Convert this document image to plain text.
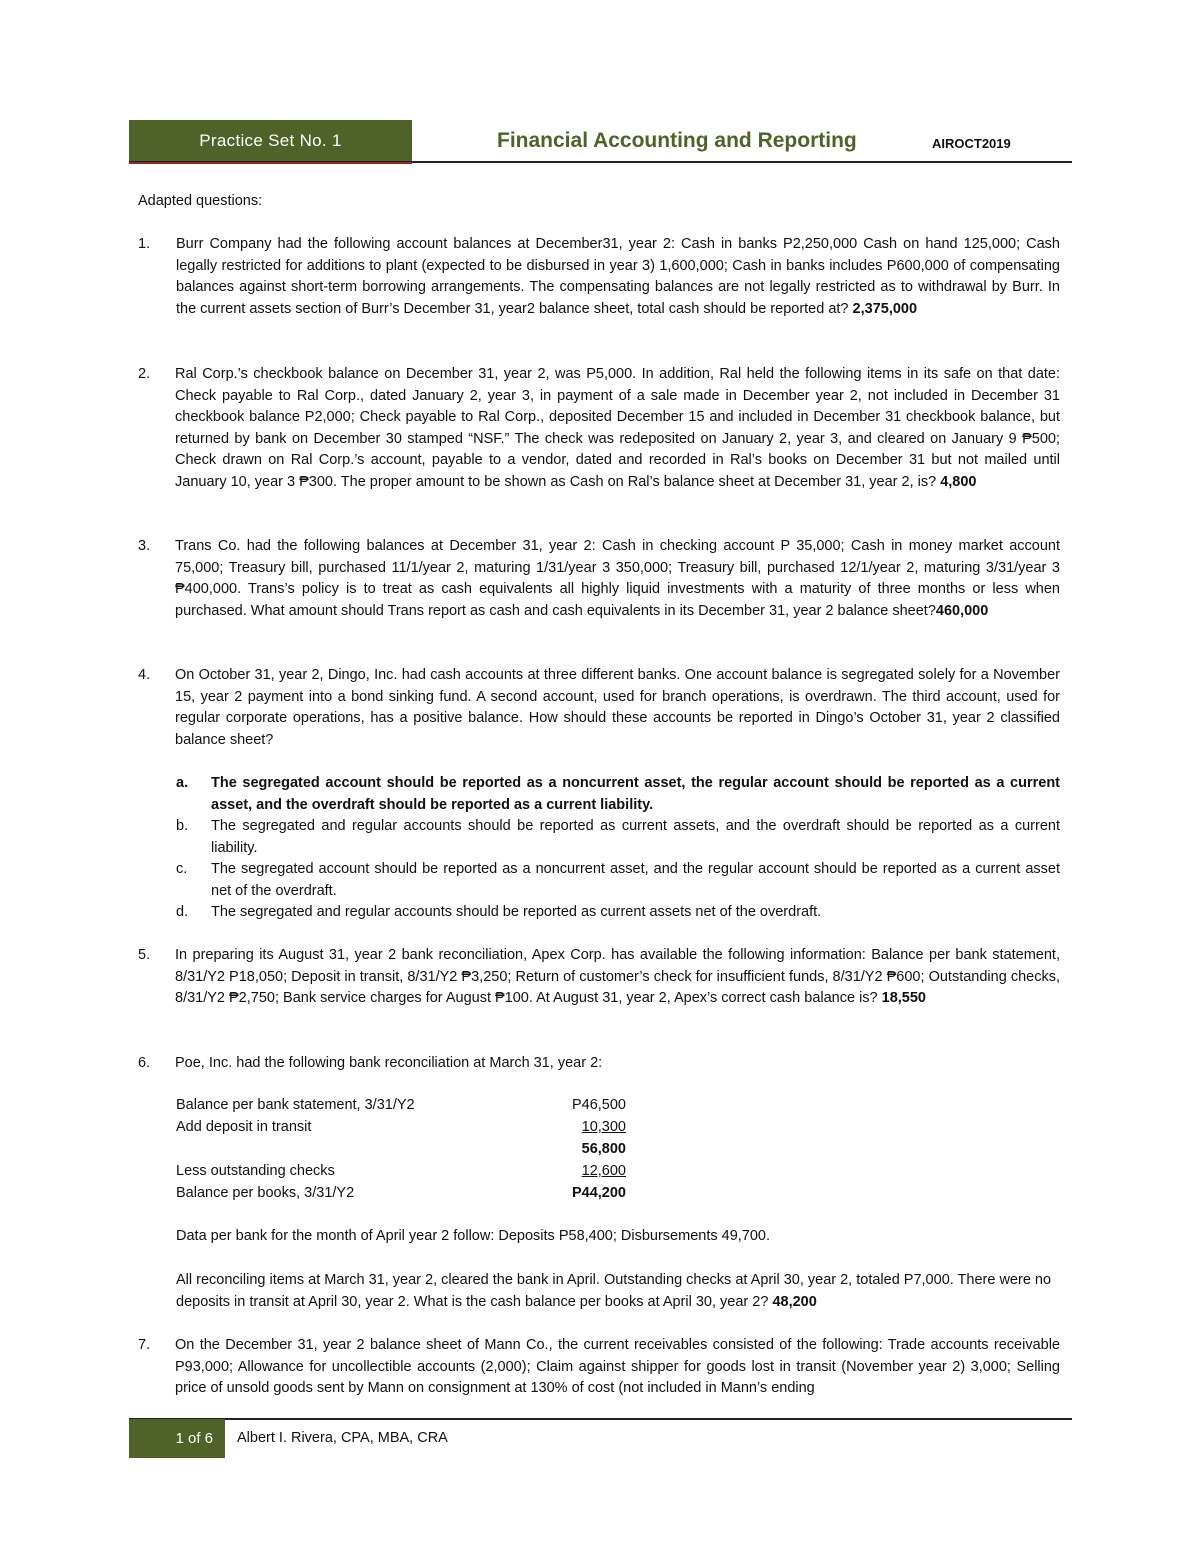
Practice Set No. 1	Financial Accounting and Reporting	AIROCT2019
Adapted questions:
1.	Burr Company had the following account balances at December31, year 2: Cash in banks P2,250,000 Cash on hand 125,000; Cash legally restricted for additions to plant (expected to be disbursed in year 3) 1,600,000; Cash in banks includes P600,000 of compensating balances against short-term borrowing arrangements. The compensating balances are not legally restricted as to withdrawal by Burr. In the current assets section of Burr’s December 31, year2 balance sheet, total cash should be reported at? 2,375,000
2.	Ral Corp.’s checkbook balance on December 31, year 2, was P5,000. In addition, Ral held the following items in its safe on that date: Check payable to Ral Corp., dated January 2, year 3, in payment of a sale made in December year 2, not included in December 31 checkbook balance P2,000; Check payable to Ral Corp., deposited December 15 and included in December 31 checkbook balance, but returned by bank on December 30 stamped “NSF.” The check was redeposited on January 2, year 3, and cleared on January 9 ₱500; Check drawn on Ral Corp.’s account, payable to a vendor, dated and recorded in Ral’s books on December 31 but not mailed until January 10, year 3 ₱300. The proper amount to be shown as Cash on Ral’s balance sheet at December 31, year 2, is? 4,800
3.	Trans Co. had the following balances at December 31, year 2: Cash in checking account P 35,000; Cash in money market account 75,000; Treasury bill, purchased 11/1/year 2, maturing 1/31/year 3 350,000; Treasury bill, purchased 12/1/year 2, maturing 3/31/year 3 ₱400,000. Trans’s policy is to treat as cash equivalents all highly liquid investments with a maturity of three months or less when purchased. What amount should Trans report as cash and cash equivalents in its December 31, year 2 balance sheet?460,000
4.	On October 31, year 2, Dingo, Inc. had cash accounts at three different banks. One account balance is segregated solely for a November 15, year 2 payment into a bond sinking fund. A second account, used for branch operations, is overdrawn. The third account, used for regular corporate operations, has a positive balance. How should these accounts be reported in Dingo’s October 31, year 2 classified balance sheet?
a.	The segregated account should be reported as a noncurrent asset, the regular account should be reported as a current asset, and the overdraft should be reported as a current liability.
b.	The segregated and regular accounts should be reported as current assets, and the overdraft should be reported as a current liability.
c.	The segregated account should be reported as a noncurrent asset, and the regular account should be reported as a current asset net of the overdraft.
d.	The segregated and regular accounts should be reported as current assets net of the overdraft.
5.	In preparing its August 31, year 2 bank reconciliation, Apex Corp. has available the following information: Balance per bank statement, 8/31/Y2 P18,050; Deposit in transit, 8/31/Y2 ₱3,250; Return of customer’s check for insufficient funds, 8/31/Y2 ₱600; Outstanding checks, 8/31/Y2 ₱2,750; Bank service charges for August ₱100. At August 31, year 2, Apex’s correct cash balance is? 18,550
6.	Poe, Inc. had the following bank reconciliation at March 31, year 2:
Balance per bank statement, 3/31/Y2	P46,500
Add deposit in transit	10,300
56,800
Less outstanding checks	12,600
Balance per books, 3/31/Y2	P44,200
Data per bank for the month of April year 2 follow: Deposits P58,400; Disbursements 49,700.
All reconciling items at March 31, year 2, cleared the bank in April. Outstanding checks at April 30, year 2, totaled P7,000. There were no deposits in transit at April 30, year 2. What is the cash balance per books at April 30, year 2? 48,200
7.	On the December 31, year 2 balance sheet of Mann Co., the current receivables consisted of the following: Trade accounts receivable P93,000; Allowance for uncollectible accounts (2,000); Claim against shipper for goods lost in transit (November year 2) 3,000; Selling price of unsold goods sent by Mann on consignment at 130% of cost (not included in Mann’s ending
1 of 6	Albert I. Rivera, CPA, MBA, CRA
